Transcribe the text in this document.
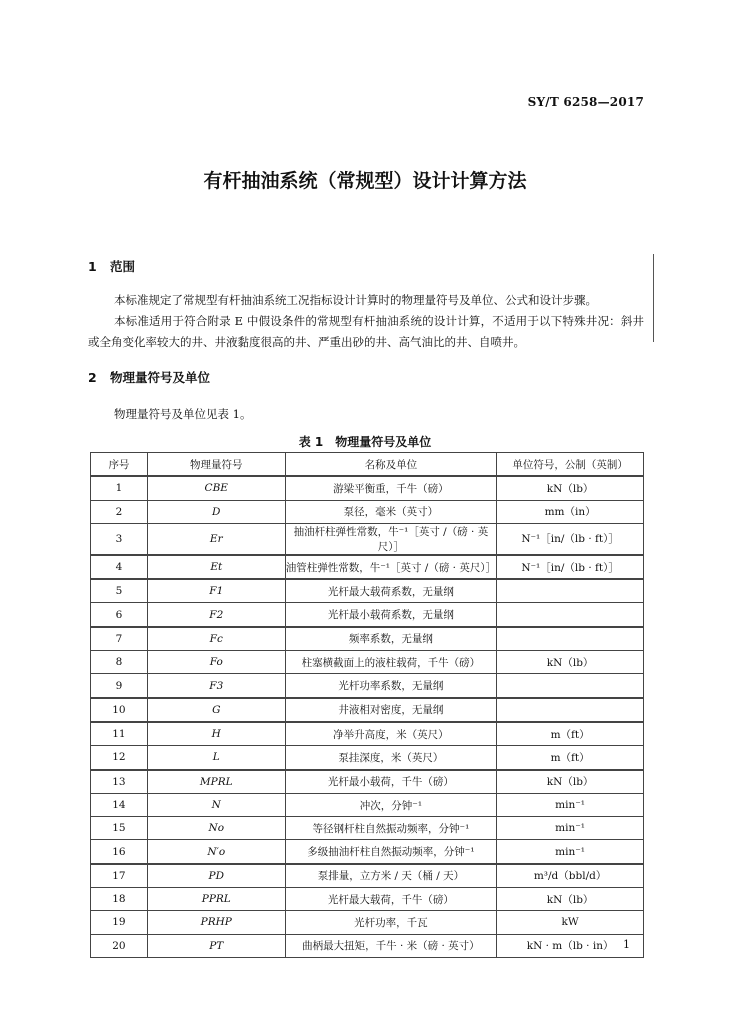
SY/T 6258—2017
有杆抽油系统（常规型）设计计算方法
1 范围
本标准规定了常规型有杆抽油系统工况指标设计计算时的物理量符号及单位、公式和设计步骤。
本标准适用于符合附录 E 中假设条件的常规型有杆抽油系统的设计计算，不适用于以下特殊井况：斜井或全角变化率较大的井、井液黏度很高的井、严重出砂的井、高气油比的井、自喷井。
2 物理量符号及单位
物理量符号及单位见表 1。
表 1　物理量符号及单位
序号	物理量符号	名称及单位	单位符号，公制（英制）
1	CBE	游梁平衡重，千牛（磅）	kN（lb）
2	D	泵径，毫米（英寸）	mm（in）
3	Er	抽油杆柱弹性常数，牛⁻¹［英寸 /（磅 · 英尺）］	N⁻¹［in/（lb · ft）］
4	Et	油管柱弹性常数，牛⁻¹［英寸 /（磅 · 英尺）］	N⁻¹［in/（lb · ft）］
5	F1	光杆最大载荷系数，无量纲	
6	F2	光杆最小载荷系数，无量纲	
7	Fc	频率系数，无量纲	
8	Fo	柱塞横截面上的液柱载荷，千牛（磅）	kN（lb）
9	F3	光杆功率系数，无量纲	
10	G	井液相对密度，无量纲	
11	H	净举升高度，米（英尺）	m（ft）
12	L	泵挂深度，米（英尺）	m（ft）
13	MPRL	光杆最小载荷，千牛（磅）	kN（lb）
14	N	冲次，分钟⁻¹	min⁻¹
15	No	等径钢杆柱自然振动频率，分钟⁻¹	min⁻¹
16	N′o	多级抽油杆柱自然振动频率，分钟⁻¹	min⁻¹
17	PD	泵排量，立方米 / 天（桶 / 天）	m³/d（bbl/d）
18	PPRL	光杆最大载荷，千牛（磅）	kN（lb）
19	PRHP	光杆功率，千瓦	kW
20	PT	曲柄最大扭矩，千牛 · 米（磅 · 英寸）	kN · m（lb · in） 1
